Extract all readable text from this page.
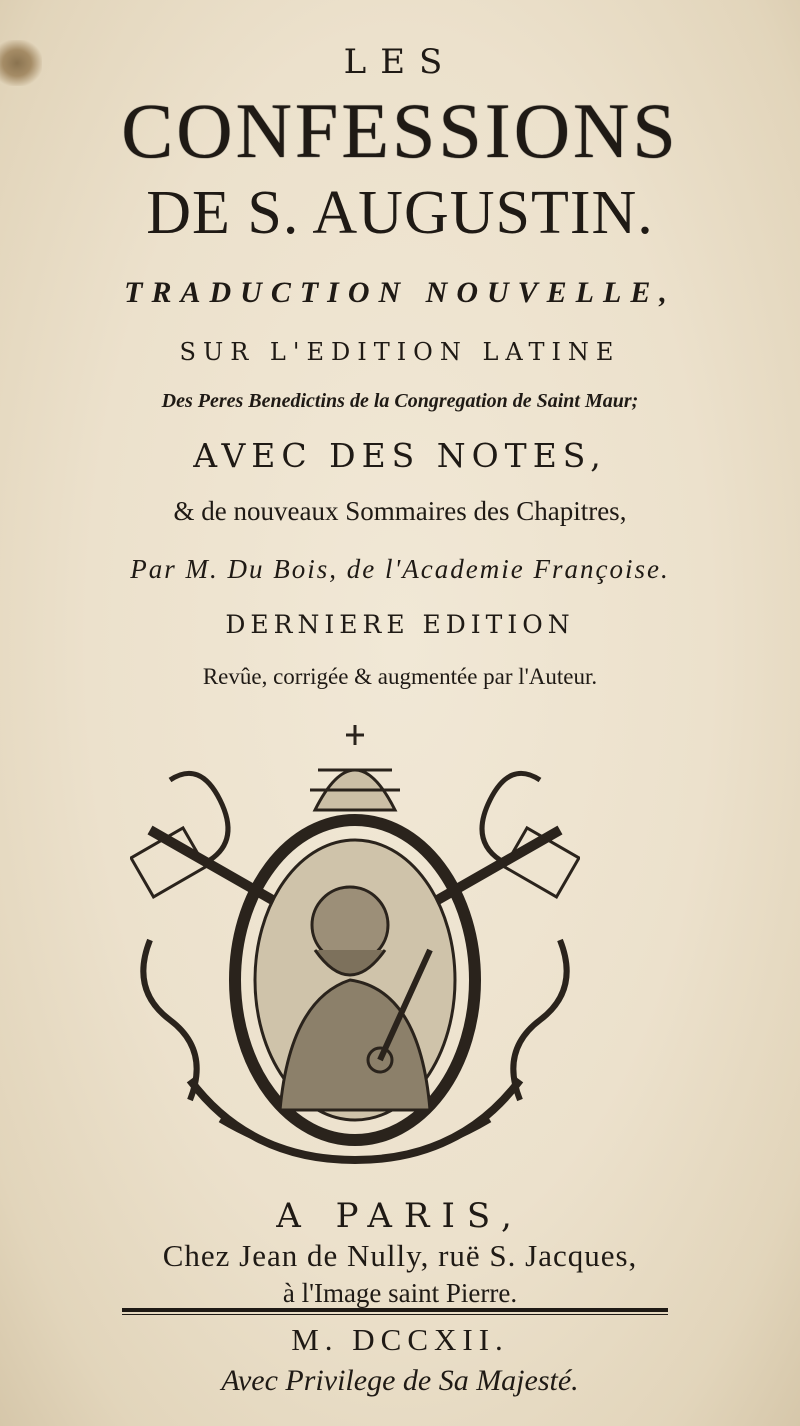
LES
CONFESSIONS
DE S. AUGUSTIN.
TRADUCTION NOUVELLE,
SUR L'EDITION LATINE
Des Peres Benedictins de la Congregation de Saint Maur;
AVEC DES NOTES,
& de nouveaux Sommaires des Chapitres,
Par M. Du Bois, de l'Academie Françoise.
DERNIERE EDITION
Revûe, corrigée & augmentée par l'Auteur.
A PARIS,
Chez Jean de Nully, ruë S. Jacques,
à l'Image saint Pierre.
M. DCCXII.
Avec Privilege de Sa Majesté.
